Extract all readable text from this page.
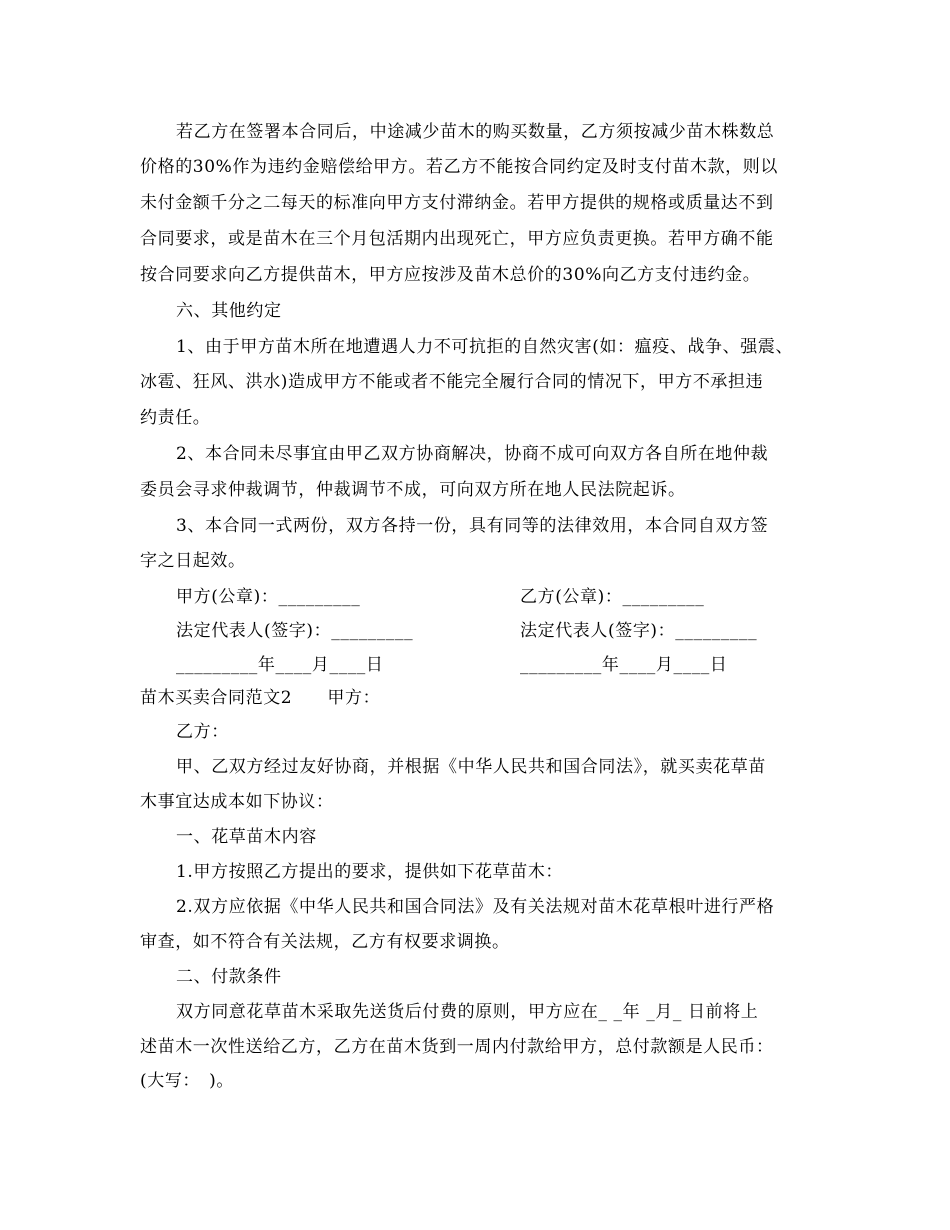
若乙方在签署本合同后，中途减少苗木的购买数量，乙方须按减少苗木株数总
价格的30%作为违约金赔偿给甲方。若乙方不能按合同约定及时支付苗木款，则以
未付金额千分之二每天的标准向甲方支付滞纳金。若甲方提供的规格或质量达不到
合同要求，或是苗木在三个月包活期内出现死亡，甲方应负责更换。若甲方确不能
按合同要求向乙方提供苗木，甲方应按涉及苗木总价的30%向乙方支付违约金。
六、其他约定
1、由于甲方苗木所在地遭遇人力不可抗拒的自然灾害(如：瘟疫、战争、强震、
冰雹、狂风、洪水)造成甲方不能或者不能完全履行合同的情况下，甲方不承担违
约责任。
2、本合同未尽事宜由甲乙双方协商解决，协商不成可向双方各自所在地仲裁
委员会寻求仲裁调节，仲裁调节不成，可向双方所在地人民法院起诉。
3、本合同一式两份，双方各持一份，具有同等的法律效用，本合同自双方签
字之日起效。
甲方(公章)：_________	乙方(公章)：_________
法定代表人(签字)：_________	法定代表人(签字)：_________
_________年____月____日	_________年____月____日
苗木买卖合同范文2　　甲方：
乙方：
甲、乙双方经过友好协商，并根据《中华人民共和国合同法》，就买卖花草苗
木事宜达成本如下协议：
一、花草苗木内容
1.甲方按照乙方提出的要求，提供如下花草苗木：
2.双方应依据《中华人民共和国合同法》及有关法规对苗木花草根叶进行严格
审查，如不符合有关法规，乙方有权要求调换。
二、付款条件
双方同意花草苗木采取先送货后付费的原则，甲方应在_ _年 _月_ 日前将上
述苗木一次性送给乙方，乙方在苗木货到一周内付款给甲方，总付款额是人民币：
(大写：　)。
